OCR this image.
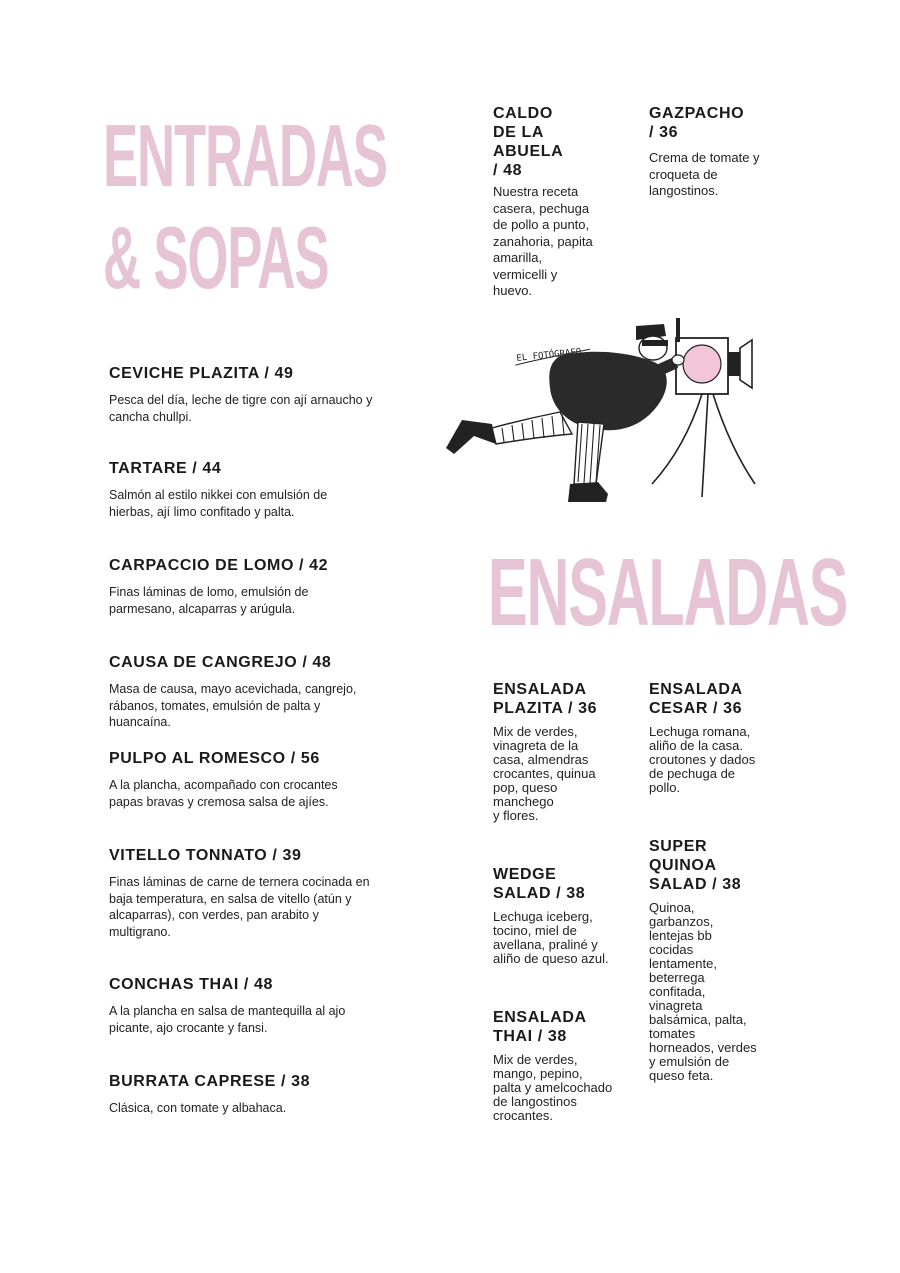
ENTRADAS
& SOPAS
ENSALADAS

CALDO
DE LA
ABUELA
/ 48

Nuestra receta
casera, pechuga
de pollo a punto,
zanahoria, papita
amarilla,
vermicelli y
huevo.

GAZPACHO
/ 36

Crema de tomate y
croqueta de
langostinos.

EL FOTÓGRAFO

CEVICHE PLAZITA / 49

Pesca del día, leche de tigre con ají arnaucho y cancha chullpi.

TARTARE / 44

Salmón al estilo nikkei con emulsión de hierbas, ají limo confitado y palta.

CARPACCIO DE LOMO / 42

Finas láminas de lomo, emulsión de parmesano, alcaparras y arúgula.

CAUSA DE CANGREJO / 48

Masa de causa, mayo acevichada, cangrejo, rábanos, tomates, emulsión de palta y huancaína.

PULPO AL ROMESCO / 56

A la plancha, acompañado con crocantes papas bravas y cremosa salsa de ajíes.

VITELLO TONNATO / 39

Finas láminas de carne de ternera cocinada en baja temperatura, en salsa de vitello (atún y alcaparras), con verdes, pan arabito y multigrano.

CONCHAS THAI / 48

A la plancha en salsa de mantequilla al ajo picante, ajo crocante y fansi.

BURRATA CAPRESE / 38

Clásica, con tomate y albahaca.

ENSALADA
PLAZITA / 36

Mix de verdes,
vinagreta de la
casa, almendras
crocantes, quinua
pop, queso
manchego
y flores.

ENSALADA
CESAR / 36

Lechuga romana,
aliño de la casa.
croutones y dados
de pechuga de
pollo.

WEDGE
SALAD / 38

Lechuga iceberg,
tocino, miel de
avellana, praliné y
aliño de queso azul.

SUPER
QUINOA
SALAD / 38

Quinoa,
garbanzos,
lentejas bb
cocidas
lentamente,
beterrega
confitada,
vinagreta
balsámica, palta,
tomates
horneados, verdes
y emulsión de
queso feta.

ENSALADA
THAI / 38

Mix de verdes,
mango, pepino,
palta y amelcochado
de langostinos
crocantes.
